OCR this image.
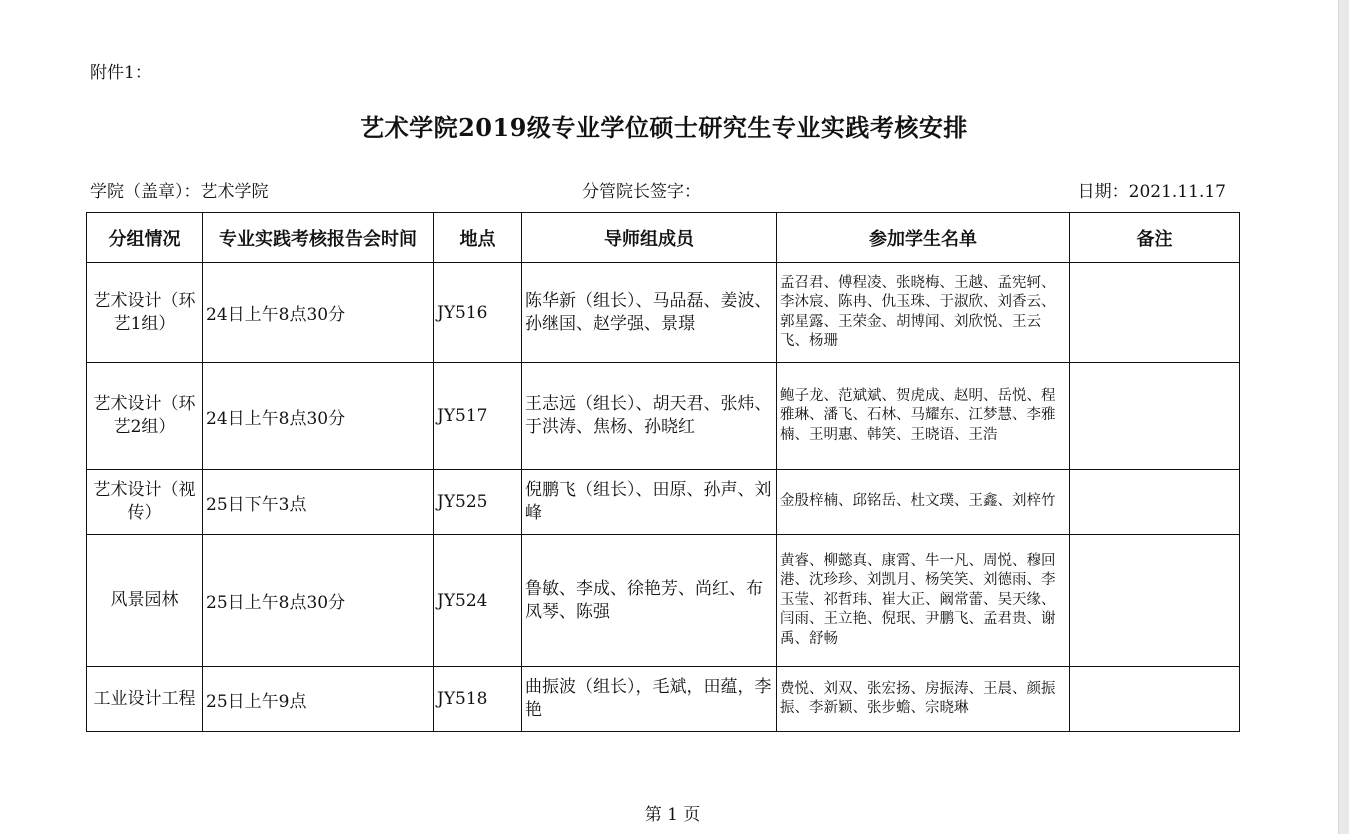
附件1：
艺术学院2019级专业学位硕士研究生专业实践考核安排
学院（盖章）：艺术学院	分管院长签字：	日期：2021.11.17
分组情况	专业实践考核报告会时间	地点	导师组成员	参加学生名单	备注
艺术设计（环艺1组）	24日上午8点30分	JY516	陈华新（组长）、马品磊、姜波、孙继国、赵学强、景璟	孟召君、傅程凌、张晓梅、王越、孟宪轲、李沐宸、陈冉、仇玉珠、于淑欣、刘香云、郭星露、王荣金、胡博闻、刘欣悦、王云飞、杨珊	
艺术设计（环艺2组）	24日上午8点30分	JY517	王志远（组长）、胡天君、张炜、于洪涛、焦杨、孙晓红	鲍子龙、范斌斌、贺虎成、赵明、岳悦、程雅琳、潘飞、石林、马耀东、江梦慧、李雅楠、王明惠、韩笑、王晓语、王浩	
艺术设计（视传）	25日下午3点	JY525	倪鹏飞（组长）、田原、孙声、刘峰	金殷梓楠、邱铭岳、杜文璞、王鑫、刘梓竹	
风景园林	25日上午8点30分	JY524	鲁敏、李成、徐艳芳、尚红、布凤琴、陈强	黄睿、柳懿真、康霄、牛一凡、周悦、穆回港、沈珍珍、刘凯月、杨笑笑、刘德雨、李玉莹、祁哲玮、崔大正、阚常蕾、吴天缘、闫雨、王立艳、倪珉、尹鹏飞、孟君贵、谢禹、舒畅	
工业设计工程	25日上午9点	JY518	曲振波（组长），毛斌，田蕴，李艳	费悦、刘双、张宏扬、房振涛、王晨、颜振振、李新颖、张步蟾、宗晓琳	
第 1 页
